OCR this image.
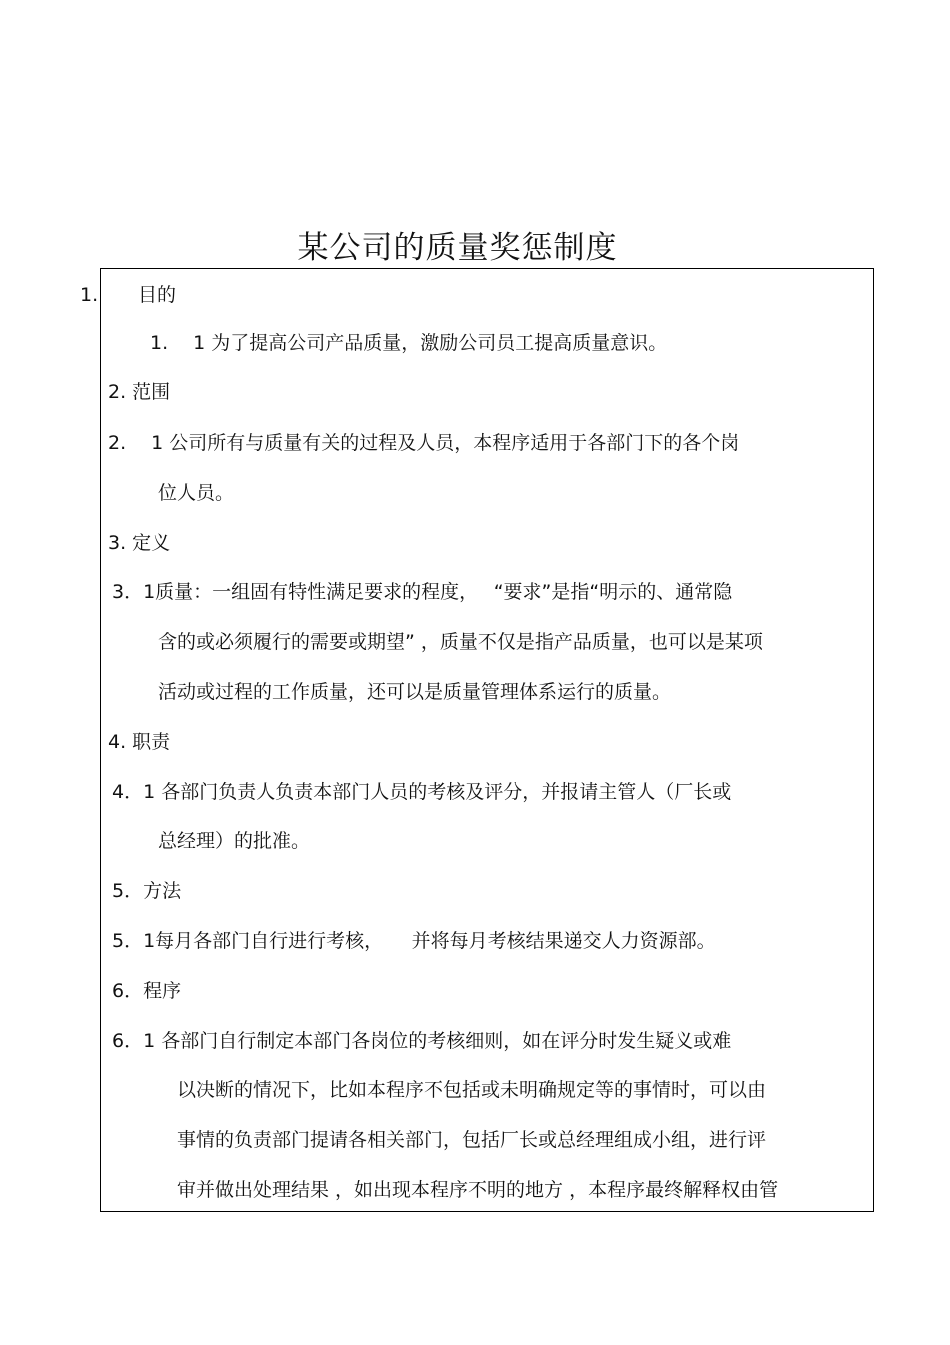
某公司的质量奖惩制度
1. 目的
1.　 1 为了提高公司产品质量，激励公司员工提高质量意识。
2. 范围
2.　 1 公司所有与质量有关的过程及人员，本程序适用于各部门下的各个岗
位人员。
3. 定义
3．1质量：一组固有特性满足要求的程度，　 “要求”是指“明示的、通常隐
含的或必须履行的需要或期望” ，质量不仅是指产品质量，也可以是某项
活动或过程的工作质量，还可以是质量管理体系运行的质量。
4. 职责
4．1 各部门负责人负责本部门人员的考核及评分，并报请主管人（厂长或
总经理）的批准。
5．方法
5．1每月各部门自行进行考核，　　并将每月考核结果递交人力资源部。
6．程序
6．1 各部门自行制定本部门各岗位的考核细则，如在评分时发生疑义或难
以决断的情况下，比如本程序不包括或未明确规定等的事情时，可以由
事情的负责部门提请各相关部门，包括厂长或总经理组成小组，进行评
审并做出处理结果 ，如出现本程序不明的地方 ，本程序最终解释权由管
